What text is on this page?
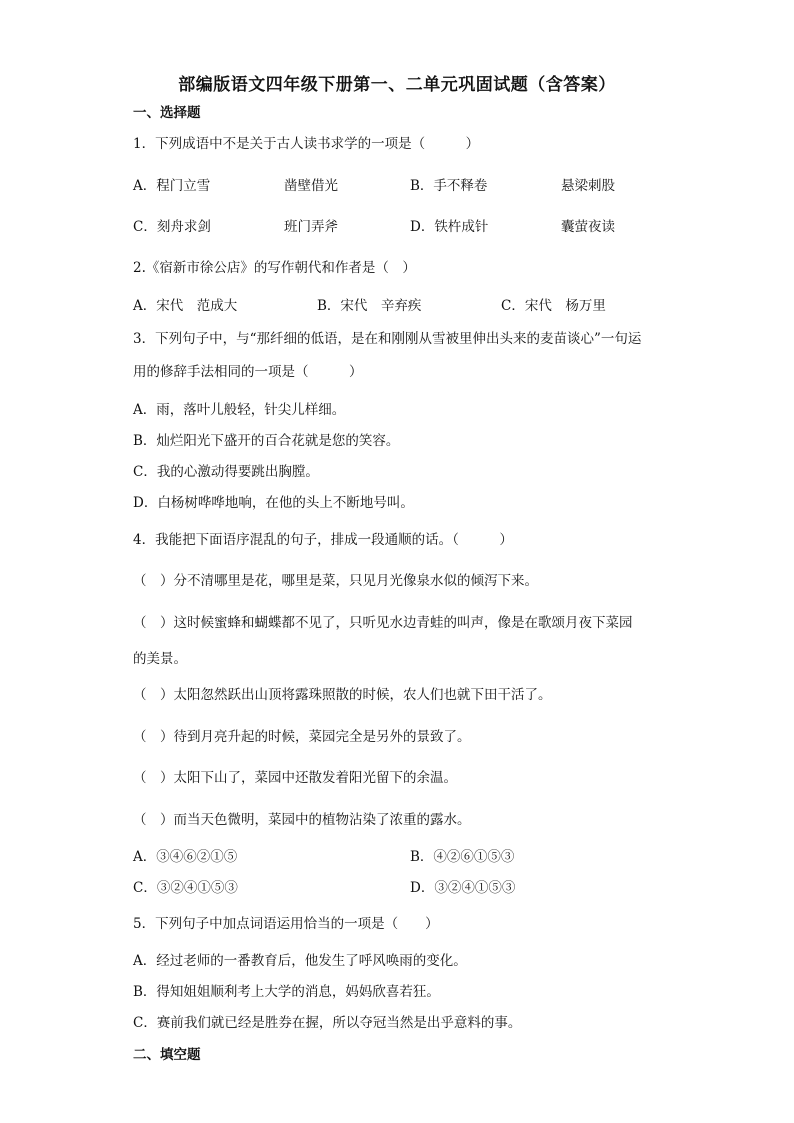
部编版语文四年级下册第一、二单元巩固试题（含答案）
一、选择题
1．下列成语中不是关于古人读书求学的一项是（　　　）
A．程门立雪	凿壁借光	B．手不释卷	悬梁刺股
C．刻舟求剑	班门弄斧	D．铁杵成针	囊萤夜读
2.《宿新市徐公店》的写作朝代和作者是（　）
A．宋代　范成大	B．宋代　辛弃疾	C．宋代　杨万里
3．下列句子中，与“那纤细的低语，是在和刚刚从雪被里伸出头来的麦苗谈心”一句运
用的修辞手法相同的一项是（　　　）
A．雨，落叶儿般轻，针尖儿样细。
B．灿烂阳光下盛开的百合花就是您的笑容。
C．我的心激动得要跳出胸膛。
D．白杨树哗哗地响，在他的头上不断地号叫。
4．我能把下面语序混乱的句子，排成一段通顺的话。（　　　）
（　）分不清哪里是花，哪里是菜，只见月光像泉水似的倾泻下来。
（　）这时候蜜蜂和蝴蝶都不见了，只听见水边青蛙的叫声，像是在歌颂月夜下菜园
的美景。
（　）太阳忽然跃出山顶将露珠照散的时候，农人们也就下田干活了。
（　）待到月亮升起的时候，菜园完全是另外的景致了。
（　）太阳下山了，菜园中还散发着阳光留下的余温。
（　）而当天色微明，菜园中的植物沾染了浓重的露水。
A．③④⑥②①⑤	B．④②⑥①⑤③
C．③②④①⑤③	D．③②④①⑤③
5．下列句子中加点词语运用恰当的一项是（　　）
A．经过老师的一番教育后，他发生了呼风唤雨的变化。
B．得知姐姐顺利考上大学的消息，妈妈欣喜若狂。
C．赛前我们就已经是胜券在握，所以夺冠当然是出乎意料的事。
二、填空题
